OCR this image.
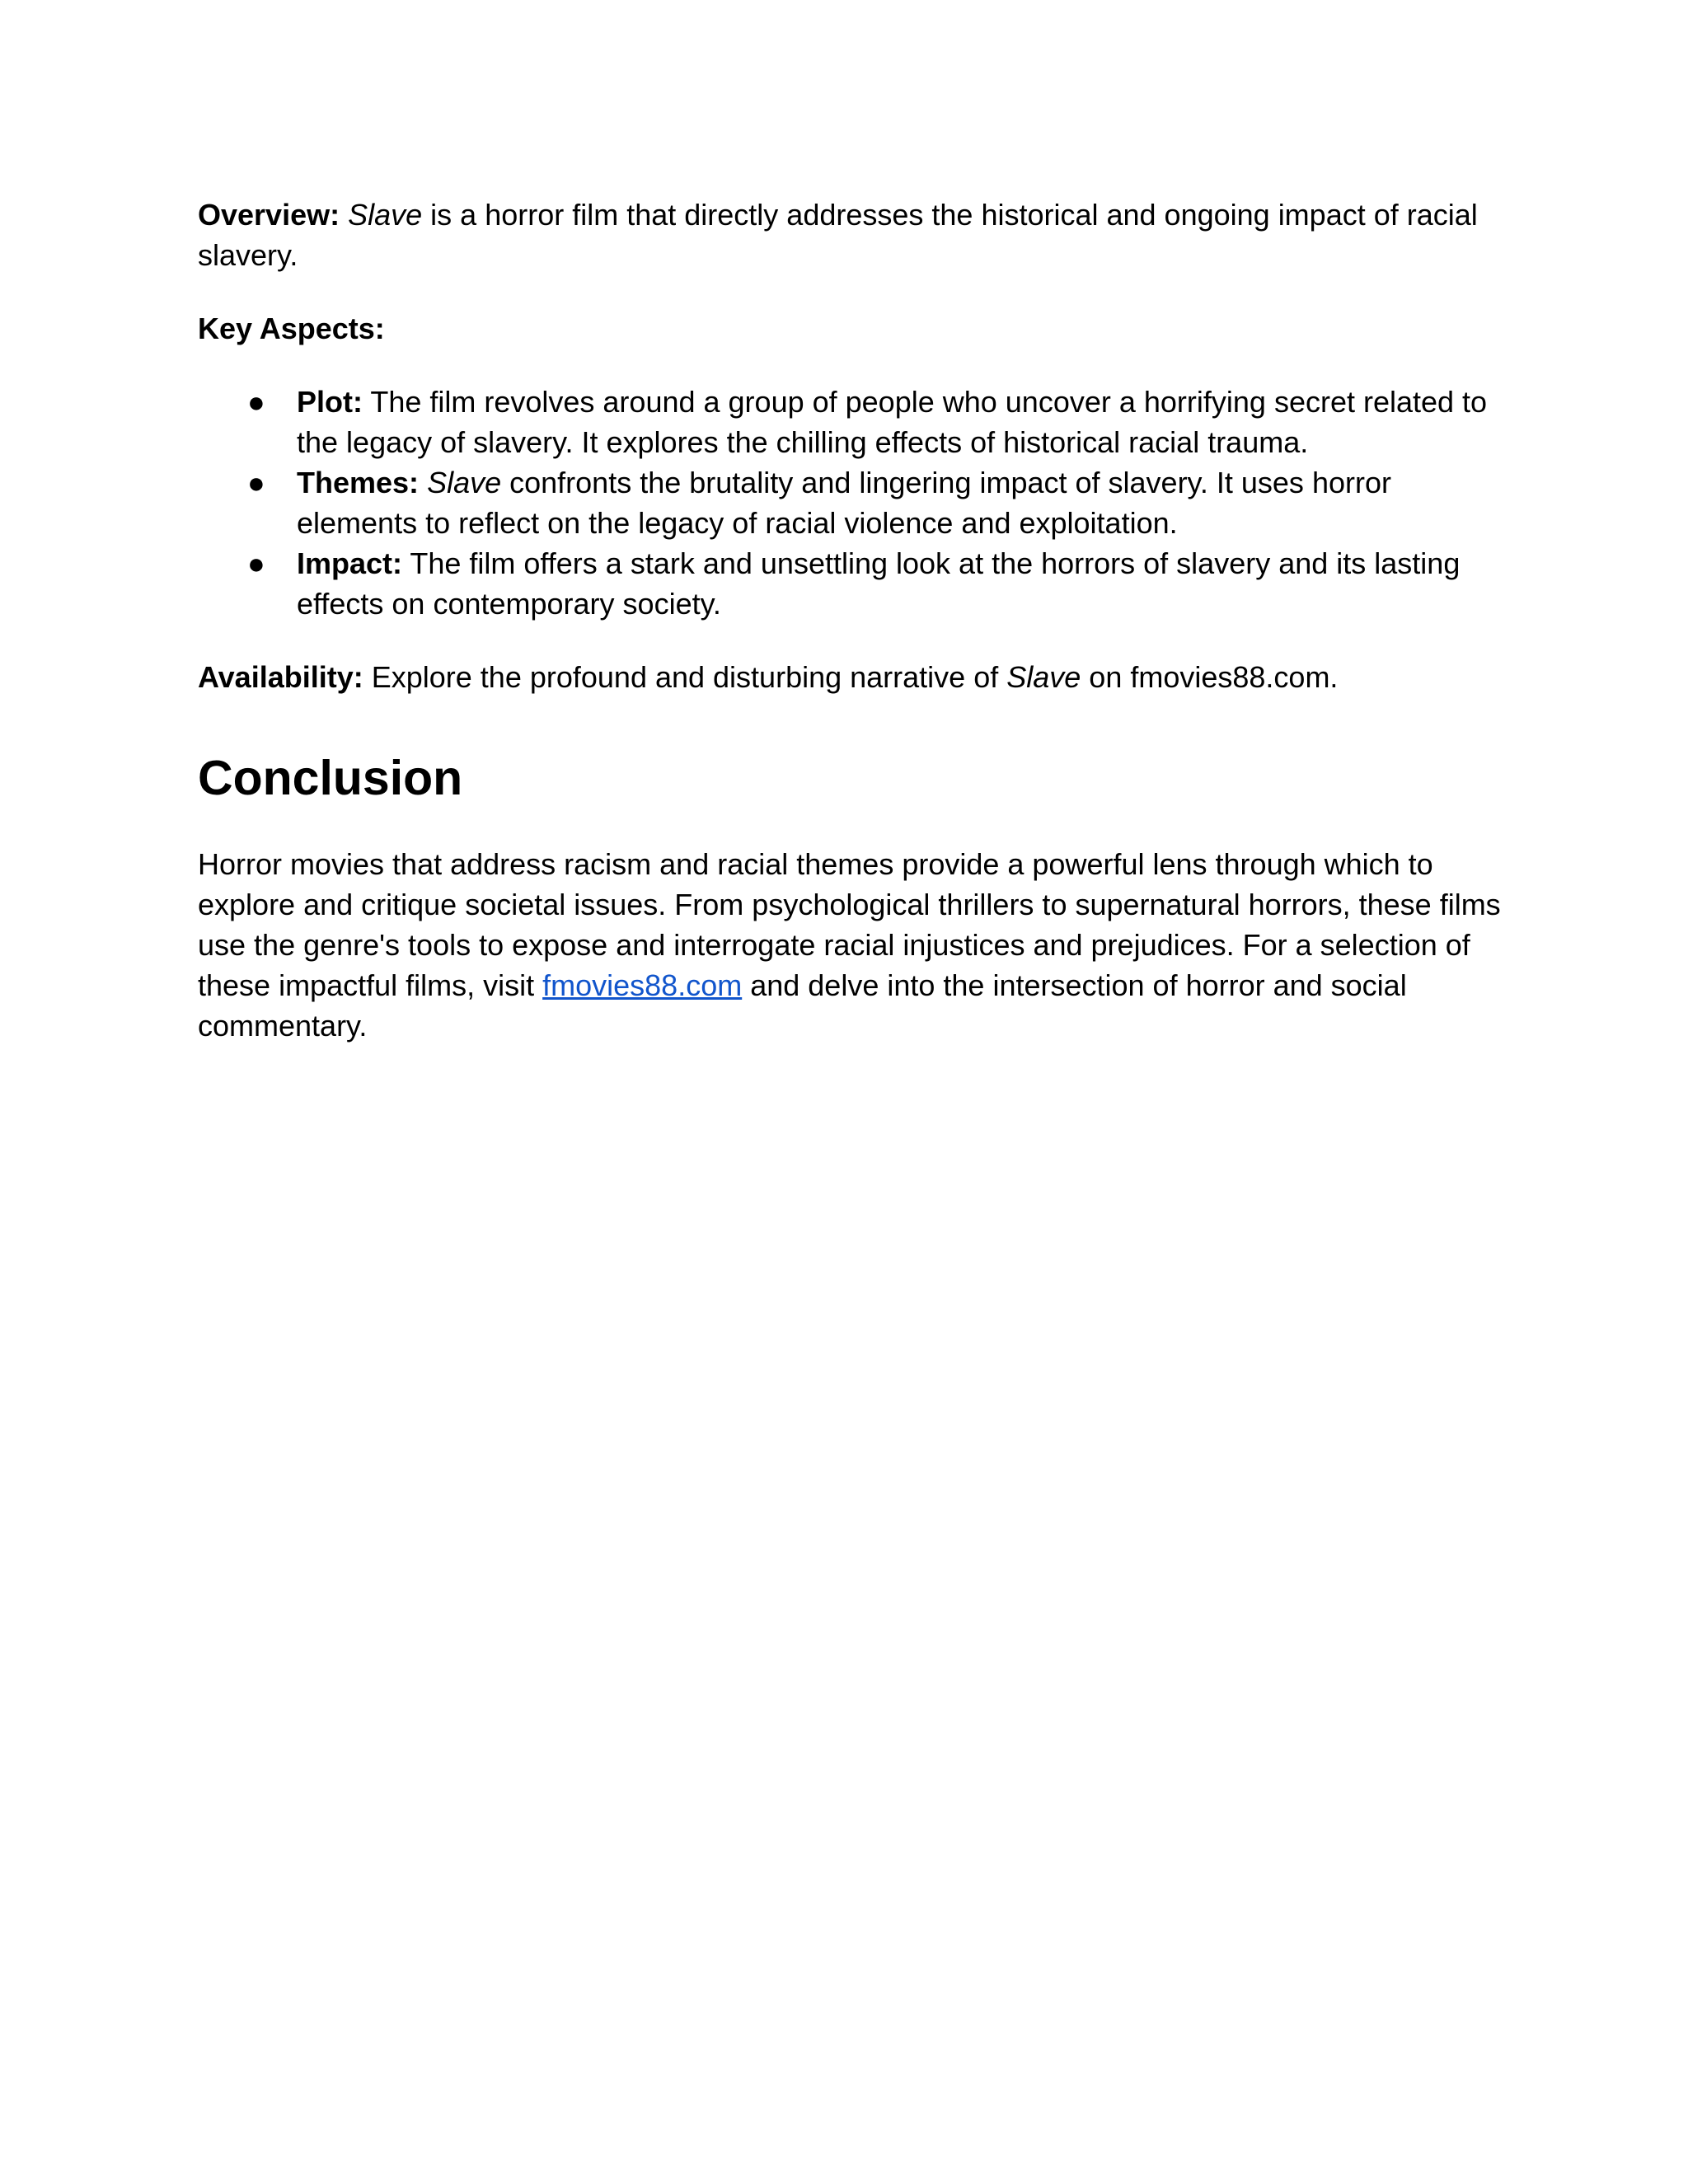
Overview: Slave is a horror film that directly addresses the historical and ongoing impact of racial slavery.

Key Aspects:

● Plot: The film revolves around a group of people who uncover a horrifying secret related to the legacy of slavery. It explores the chilling effects of historical racial trauma.
● Themes: Slave confronts the brutality and lingering impact of slavery. It uses horror elements to reflect on the legacy of racial violence and exploitation.
● Impact: The film offers a stark and unsettling look at the horrors of slavery and its lasting effects on contemporary society.

Availability: Explore the profound and disturbing narrative of Slave on fmovies88.com.

Conclusion

Horror movies that address racism and racial themes provide a powerful lens through which to explore and critique societal issues. From psychological thrillers to supernatural horrors, these films use the genre's tools to expose and interrogate racial injustices and prejudices. For a selection of these impactful films, visit fmovies88.com and delve into the intersection of horror and social commentary.
